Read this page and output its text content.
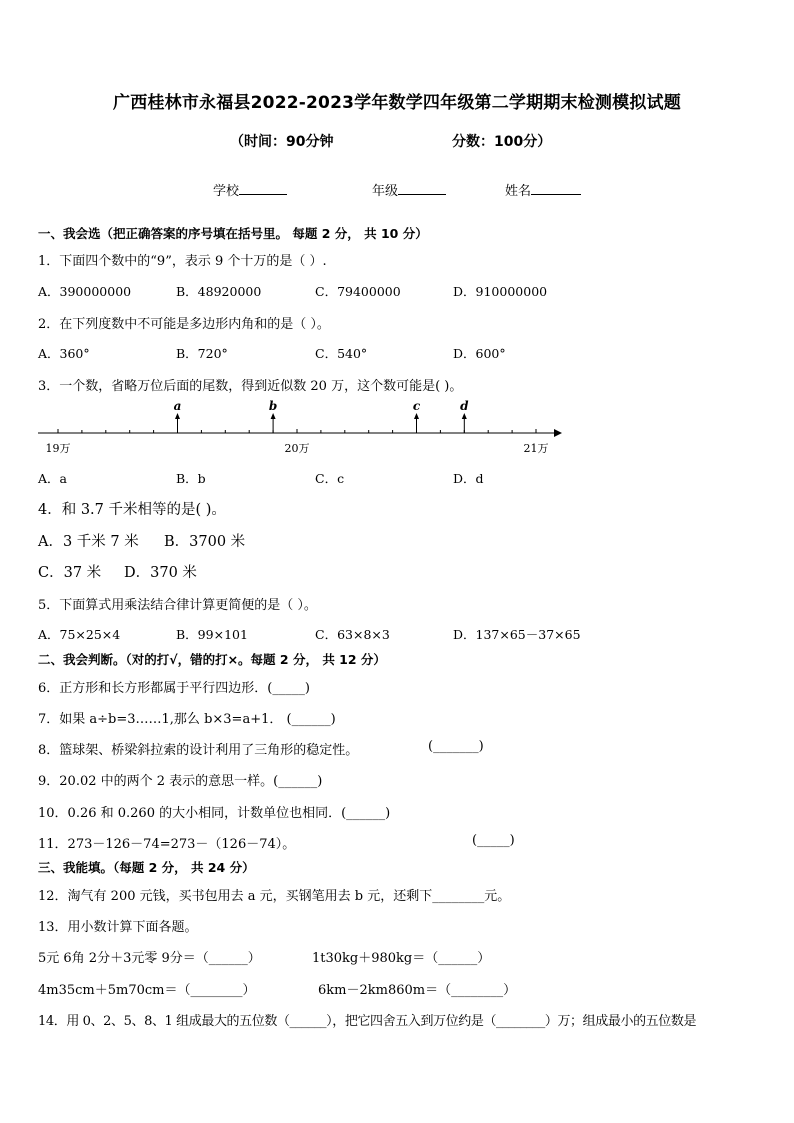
广西桂林市永福县2022-2023学年数学四年级第二学期期末检测模拟试题
（时间：90分钟	分数：100分）
学校	年级	姓名
一、我会选（把正确答案的序号填在括号里。 每题 2 分， 共 10 分）
1．下面四个数中的“9”，表示 9 个十万的是（ ）.
A．390000000	B．48920000	C．79400000	D．910000000
2．在下列度数中不可能是多边形内角和的是（ ）。
A．360°	B．720°	C．540°	D．600°
3．一个数，省略万位后面的尾数，得到近似数 20 万，这个数可能是( )。
19万	20万	21万
a	b	c	d
A．a	B．b	C．c	D．d
4．和 3.7 千米相等的是( )。
A．3 千米 7 米 B．3700 米
C．37 米 D．370 米
5．下面算式用乘法结合律计算更简便的是（ ）。
A．75×25×4	B．99×101	C．63×8×3	D．137×65－37×65
二、我会判断。（对的打√，错的打×。每题 2 分， 共 12 分）
6．正方形和长方形都属于平行四边形．(_____)
7．如果 a÷b=3……1,那么 b×3=a+1． (______)
8．篮球架、桥梁斜拉索的设计利用了三角形的稳定性。	(_______)
9．20.02 中的两个 2 表示的意思一样。(______)
10．0.26 和 0.260 的大小相同，计数单位也相同．(______)
11．273－126－74=273－（126－74）。	(_____)
三、我能填。（每题 2 分， 共 24 分）
12．淘气有 200 元钱，买书包用去 a 元，买钢笔用去 b 元，还剩下________元。
13．用小数计算下面各题。
5元 6角 2分＋3元零 9分＝（______）	1t30kg＋980kg＝（______）
4m35cm＋5m70cm＝（________）	6km－2km860m＝（________）
14．用 0、2、5、8、1 组成最大的五位数（______），把它四舍五入到万位约是（________）万；组成最小的五位数是
